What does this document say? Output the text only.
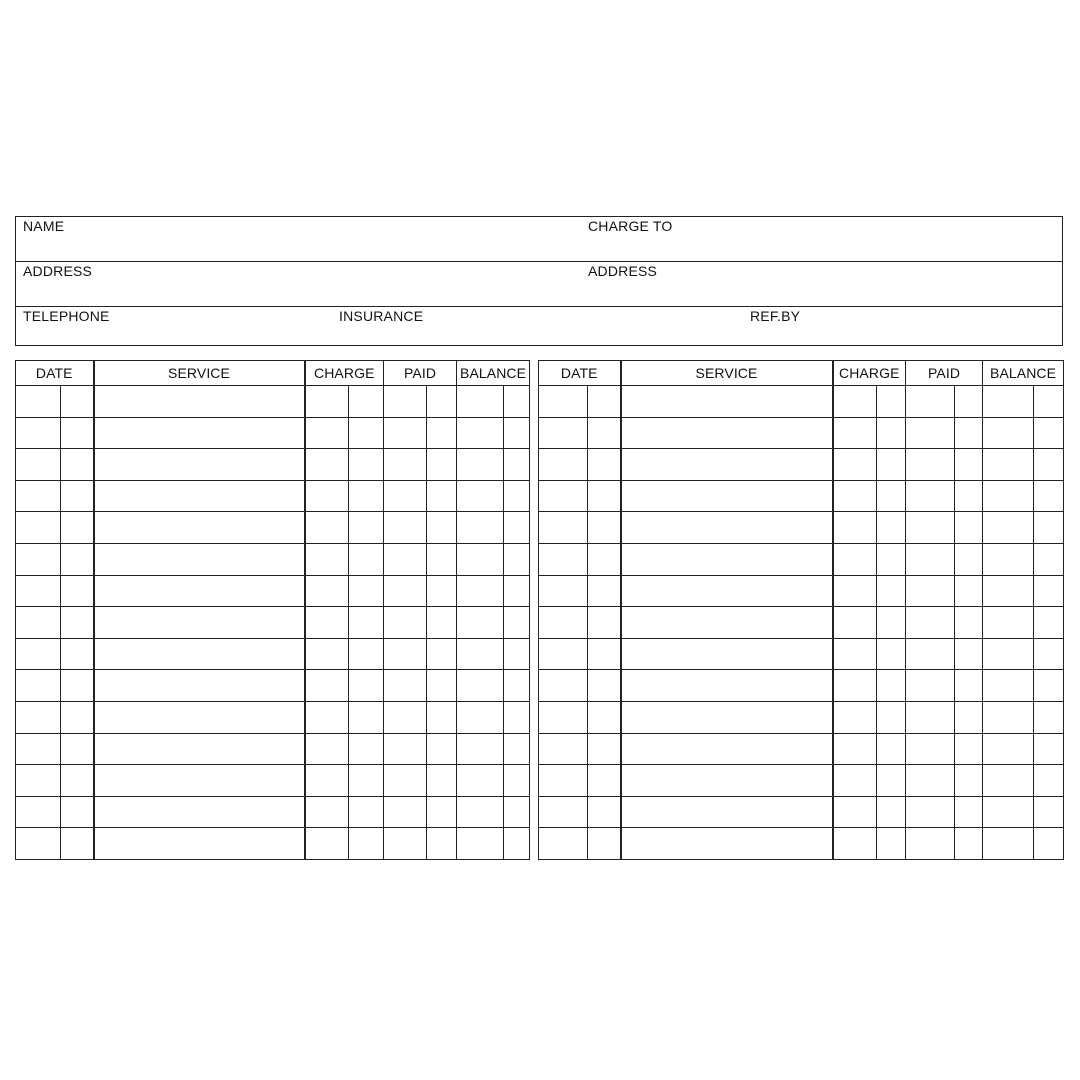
NAME	CHARGE TO
ADDRESS	ADDRESS
TELEPHONE	INSURANCE	REF.BY
DATE		SERVICE	CHARGE		PAID		BALANCE	

								DATE		SERVICE	CHARGE		PAID		BALANCE	
